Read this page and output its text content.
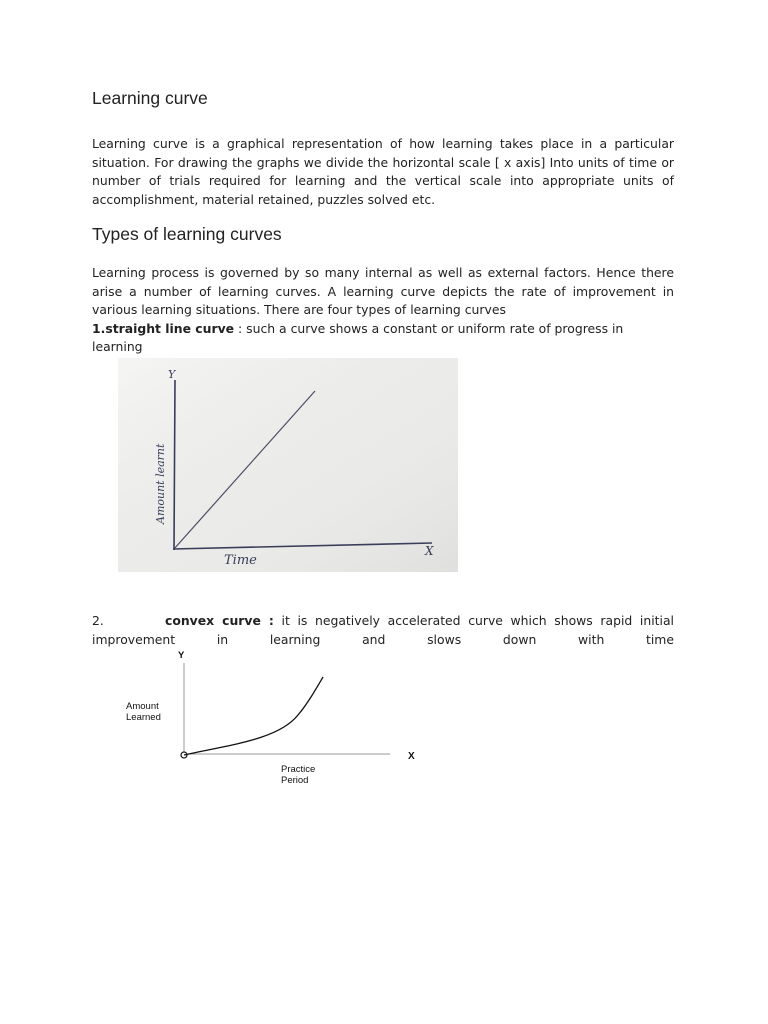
Learning curve

Learning curve is a graphical representation of how learning takes place in a particular situation. For drawing the graphs we divide the horizontal scale [ x axis] Into units of time or number of trials required for learning and the vertical scale into appropriate units of accomplishment, material retained, puzzles solved etc.

Types of learning curves

Learning process is governed by so many internal as well as external factors. Hence there arise a number of learning curves. A learning curve depicts the rate of improvement in various learning situations. There are four types of learning curves
1.straight line curve : such a curve shows a constant or uniform rate of progress in learning

Y
X
Amount learnt
Time

2.	convex curve : it is negatively accelerated curve which shows rapid initial improvement in learning and slows down with time

Y
X
Amount
Learned
Practice
Period
